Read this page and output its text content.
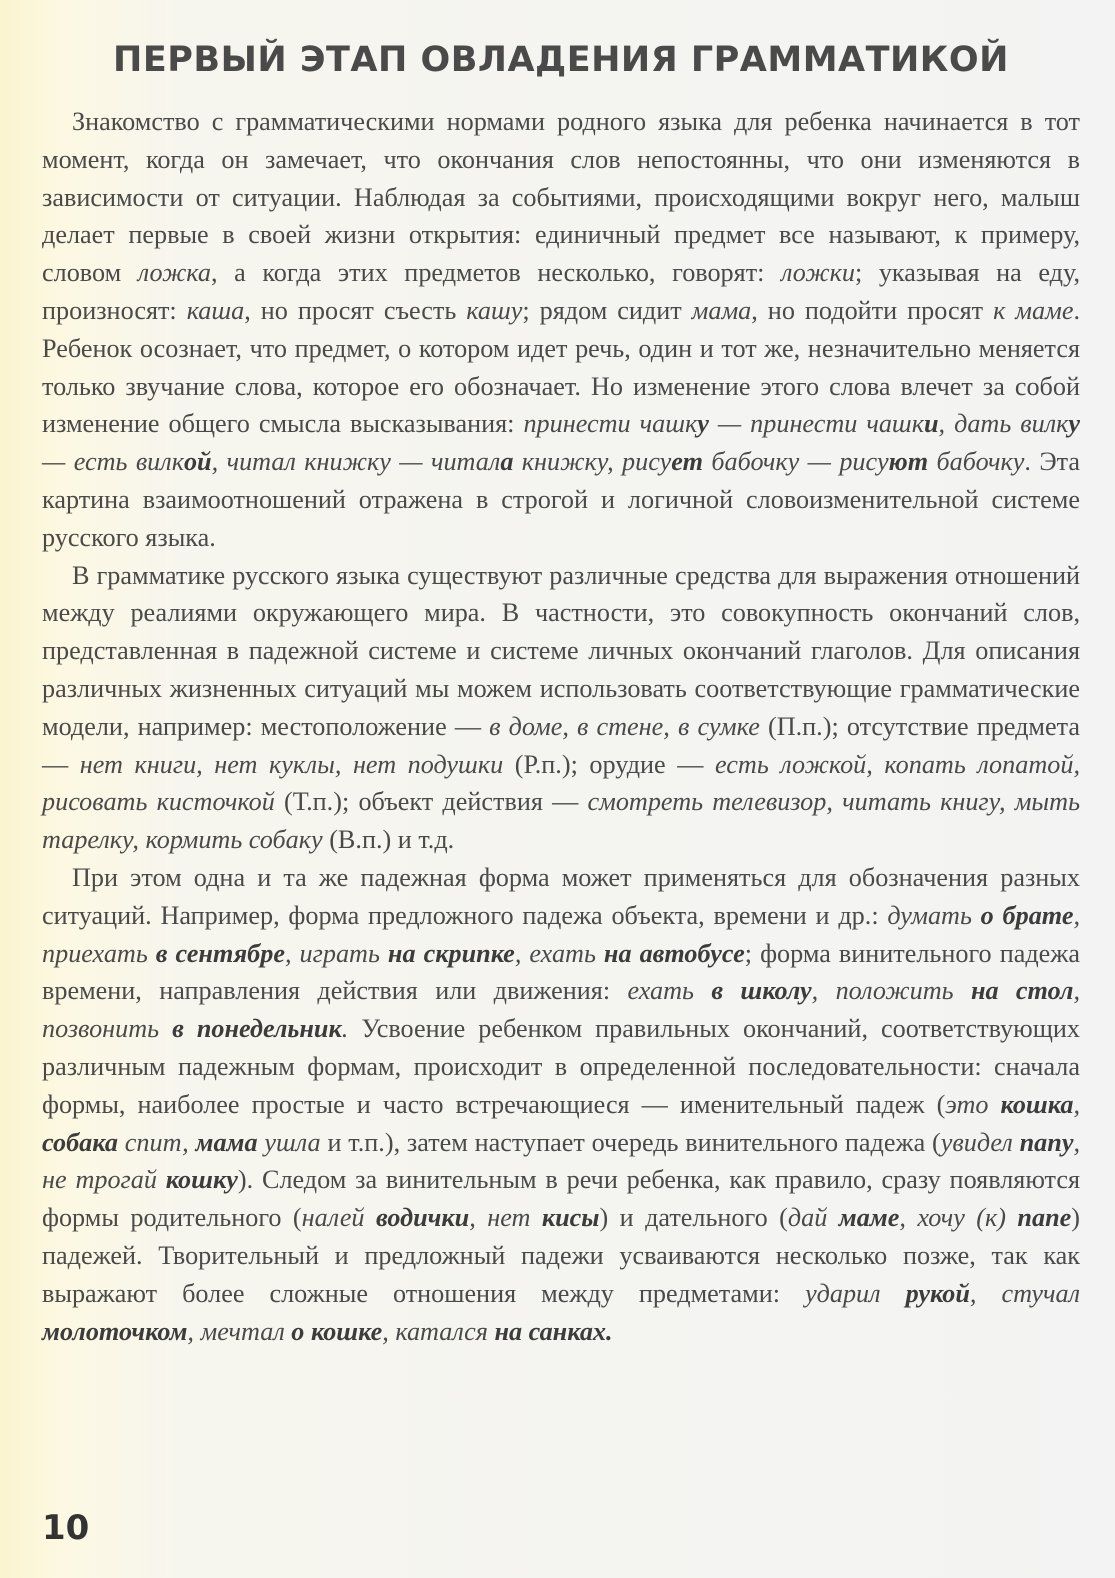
ПЕРВЫЙ ЭТАП ОВЛАДЕНИЯ ГРАММАТИКОЙ

Знакомство с грамматическими нормами родного языка для ребенка начинается в тот момент, когда он замечает, что окончания слов непостоянны, что они изменяются в зависимости от ситуации. Наблюдая за событиями, происходящими вокруг него, малыш делает первые в своей жизни открытия: единичный предмет все называют, к примеру, словом ложка, а когда этих предметов несколько, говорят: ложки; указывая на еду, произносят: каша, но просят съесть кашу; рядом сидит мама, но подойти просят к маме. Ребенок осознает, что предмет, о котором идет речь, один и тот же, незначительно меняется только звучание слова, которое его обозначает. Но изменение этого слова влечет за собой изменение общего смысла высказывания: принести чашку — принести чашки, дать вилку — есть вилкой, читал книжку — читала книжку, рисует бабочку — рисуют бабочку. Эта картина взаимоотношений отражена в строгой и логичной словоизменительной системе русского языка.

В грамматике русского языка существуют различные средства для выражения отношений между реалиями окружающего мира. В частности, это совокупность окончаний слов, представленная в падежной системе и системе личных окончаний глаголов. Для описания различных жизненных ситуаций мы можем использовать соответствующие грамматические модели, например: местоположение — в доме, в стене, в сумке (П.п.); отсутствие предмета — нет книги, нет куклы, нет подушки (Р.п.); орудие — есть ложкой, копать лопатой, рисовать кисточкой (Т.п.); объект действия — смотреть телевизор, читать книгу, мыть тарелку, кормить собаку (В.п.) и т.д.

При этом одна и та же падежная форма может применяться для обозначения разных ситуаций. Например, форма предложного падежа объекта, времени и др.: думать о брате, приехать в сентябре, играть на скрипке, ехать на автобусе; форма винительного падежа времени, направления действия или движения: ехать в школу, положить на стол, позвонить в понедельник. Усвоение ребенком правильных окончаний, соответствующих различным падежным формам, происходит в определенной последовательности: сначала формы, наиболее простые и часто встречающиеся — именительный падеж (это кошка, собака спит, мама ушла и т.п.), затем наступает очередь винительного падежа (увидел папу, не трогай кошку). Следом за винительным в речи ребенка, как правило, сразу появляются формы родительного (налей водички, нет кисы) и дательного (дай маме, хочу (к) папе) падежей. Творительный и предложный падежи усваиваются несколько позже, так как выражают более сложные отношения между предметами: ударил рукой, стучал молоточком, мечтал о кошке, катался на санках.

10
